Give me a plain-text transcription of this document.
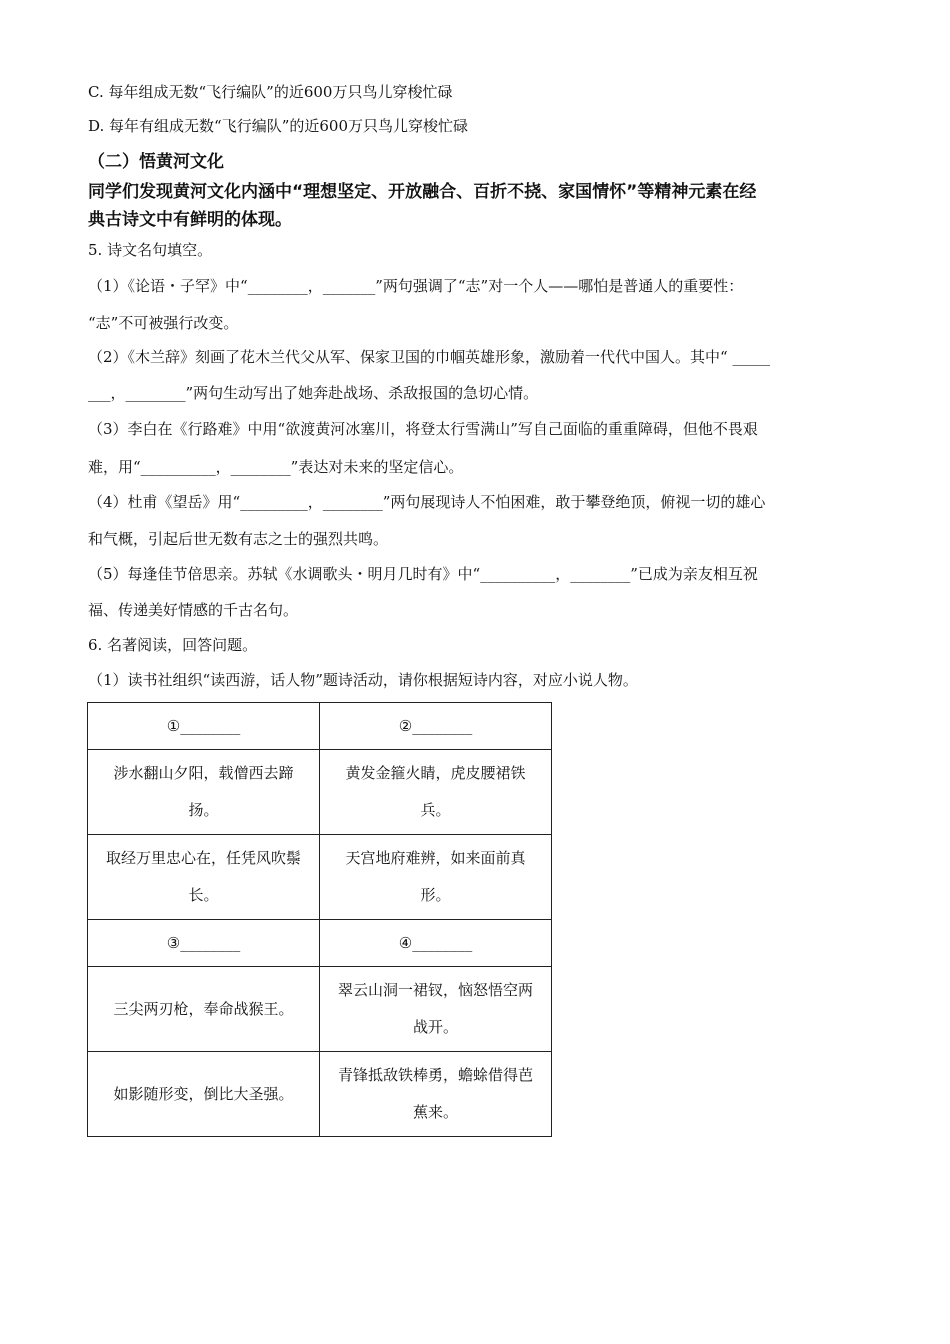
C. 每年组成无数“飞行编队”的近600万只鸟儿穿梭忙碌
D. 每年有组成无数“飞行编队”的近600万只鸟儿穿梭忙碌
（二）悟黄河文化
同学们发现黄河文化内涵中“理想坚定、开放融合、百折不挠、家国情怀”等精神元素在经
典古诗文中有鲜明的体现。
5. 诗文名句填空。
（1）《论语・子罕》中“________，_______”两句强调了“志”对一个人——哪怕是普通人的重要性：
“志”不可被强行改变。
（2）《木兰辞》刻画了花木兰代父从军、保家卫国的巾帼英雄形象，激励着一代代中国人。其中“ _____
___，________”两句生动写出了她奔赴战场、杀敌报国的急切心情。
（3）李白在《行路难》中用“欲渡黄河冰塞川，将登太行雪满山”写自己面临的重重障碍，但他不畏艰
难，用“__________，________”表达对未来的坚定信心。
（4）杜甫《望岳》用“_________，________”两句展现诗人不怕困难，敢于攀登绝顶，俯视一切的雄心
和气概，引起后世无数有志之士的强烈共鸣。
（5）每逢佳节倍思亲。苏轼《水调歌头・明月几时有》中“__________，________”已成为亲友相互祝
福、传递美好情感的千古名句。
6. 名著阅读，回答问题。
（1）读书社组织“读西游，话人物”题诗活动，请你根据短诗内容，对应小说人物。
①________	②________
涉水翻山夕阳，载僧西去蹄扬。	黄发金箍火睛，虎皮腰裙铁兵。
取经万里忠心在，任凭风吹鬃长。	天宫地府难辨，如来面前真形。
③________	④________
三尖两刃枪，奉命战猴王。	翠云山洞一裙钗，恼怒悟空两战开。
如影随形变，倒比大圣强。	青锋抵敌铁棒勇，蟾蜍借得芭蕉来。
